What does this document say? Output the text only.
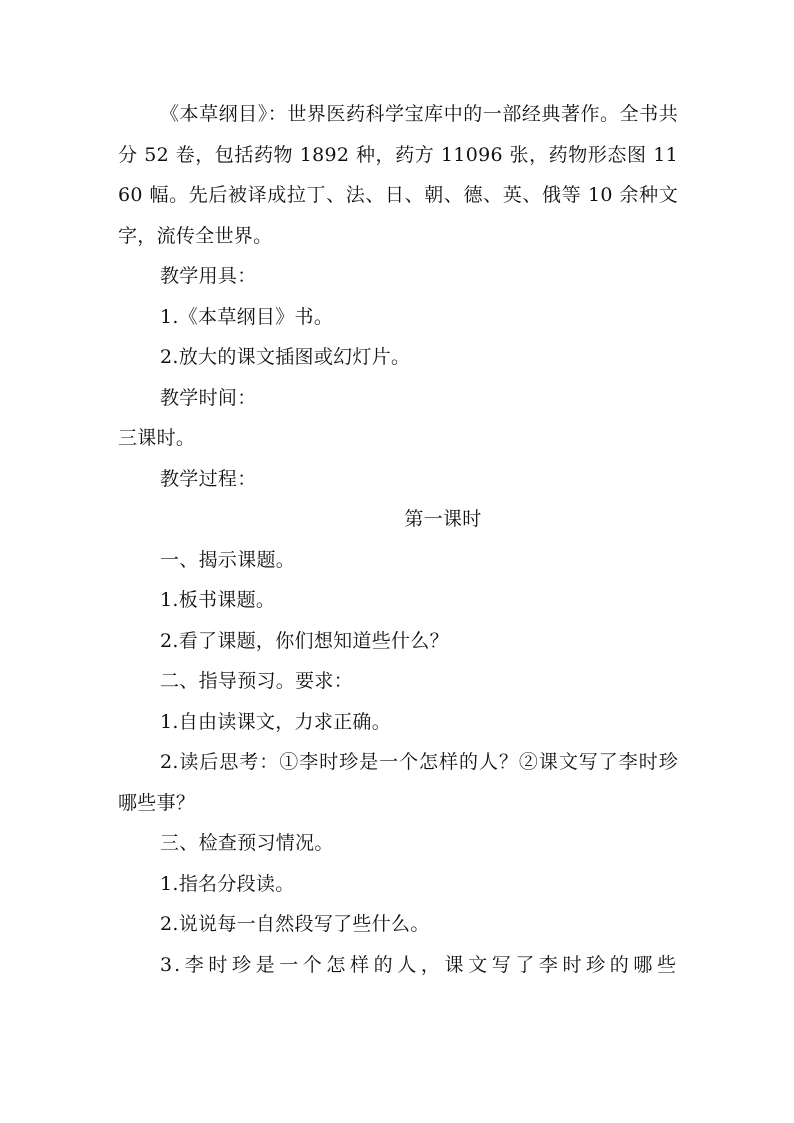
《本草纲目》：世界医药科学宝库中的一部经典著作。全书共分 52 卷，包括药物 1892 种，药方 11096 张，药物形态图 1160 幅。先后被译成拉丁、法、日、朝、德、英、俄等 10 余种文字，流传全世界。

教学用具：

1.《本草纲目》书。

2.放大的课文插图或幻灯片。

教学时间：

三课时。

教学过程：

第一课时

一、揭示课题。

1.板书课题。

2.看了课题，你们想知道些什么？

二、指导预习。要求：

1.自由读课文，力求正确。

2.读后思考：①李时珍是一个怎样的人？②课文写了李时珍哪些事？

三、检查预习情况。

1.指名分段读。

2.说说每一自然段写了些什么。

3.李时珍是一个怎样的人，课文写了李时珍的哪些
